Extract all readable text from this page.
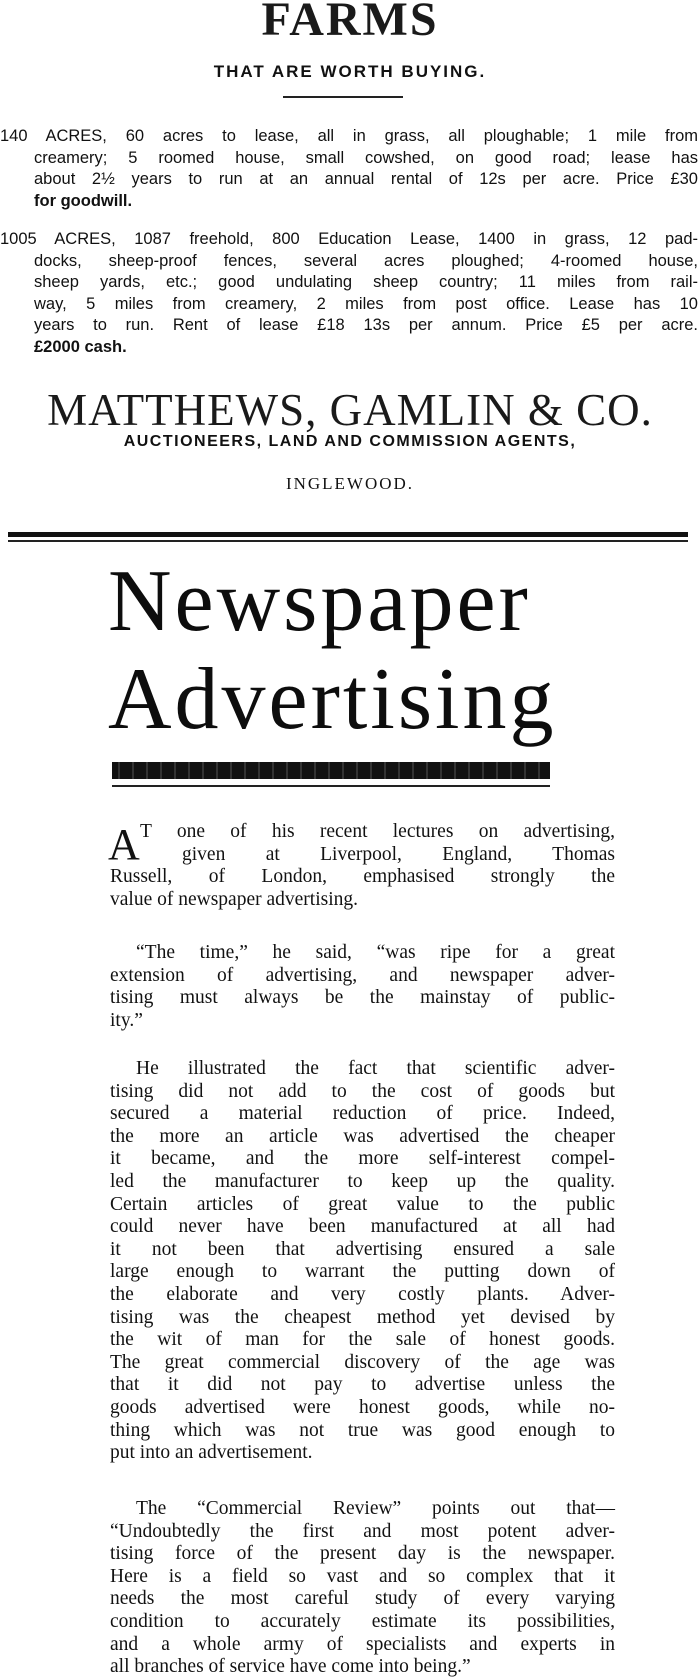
FARMS
THAT ARE WORTH BUYING.
140 ACRES, 60 acres to lease, all in grass, all ploughable; 1 mile from
creamery; 5 roomed house, small cowshed, on good road; lease has
about 2½ years to run at an annual rental of 12s per acre. Price £30
for goodwill.
1005 ACRES, 1087 freehold, 800 Education Lease, 1400 in grass, 12 pad-
docks, sheep-proof fences, several acres ploughed; 4-roomed house,
sheep yards, etc.; good undulating sheep country; 11 miles from rail-
way, 5 miles from creamery, 2 miles from post office. Lease has 10
years to run. Rent of lease £18 13s per annum. Price £5 per acre.
£2000 cash.
MATTHEWS, GAMLIN & CO.
AUCTIONEERS, LAND AND COMMISSION AGENTS,
INGLEWOOD.
Newspaper
Advertising
A T one of his recent lectures on advertising,
given at Liverpool, England, Thomas
Russell, of London, emphasised strongly the
value of newspaper advertising.
“The time,” he said, “was ripe for a great
extension of advertising, and newspaper adver-
tising must always be the mainstay of public-
ity.”
He illustrated the fact that scientific adver-
tising did not add to the cost of goods but
secured a material reduction of price. Indeed,
the more an article was advertised the cheaper
it became, and the more self-interest compel-
led the manufacturer to keep up the quality.
Certain articles of great value to the public
could never have been manufactured at all had
it not been that advertising ensured a sale
large enough to warrant the putting down of
the elaborate and very costly plants. Adver-
tising was the cheapest method yet devised by
the wit of man for the sale of honest goods.
The great commercial discovery of the age was
that it did not pay to advertise unless the
goods advertised were honest goods, while no-
thing which was not true was good enough to
put into an advertisement.
The “Commercial Review” points out that—
“Undoubtedly the first and most potent adver-
tising force of the present day is the newspaper.
Here is a field so vast and so complex that it
needs the most careful study of every varying
condition to accurately estimate its possibilities,
and a whole army of specialists and experts in
all branches of service have come into being.”
